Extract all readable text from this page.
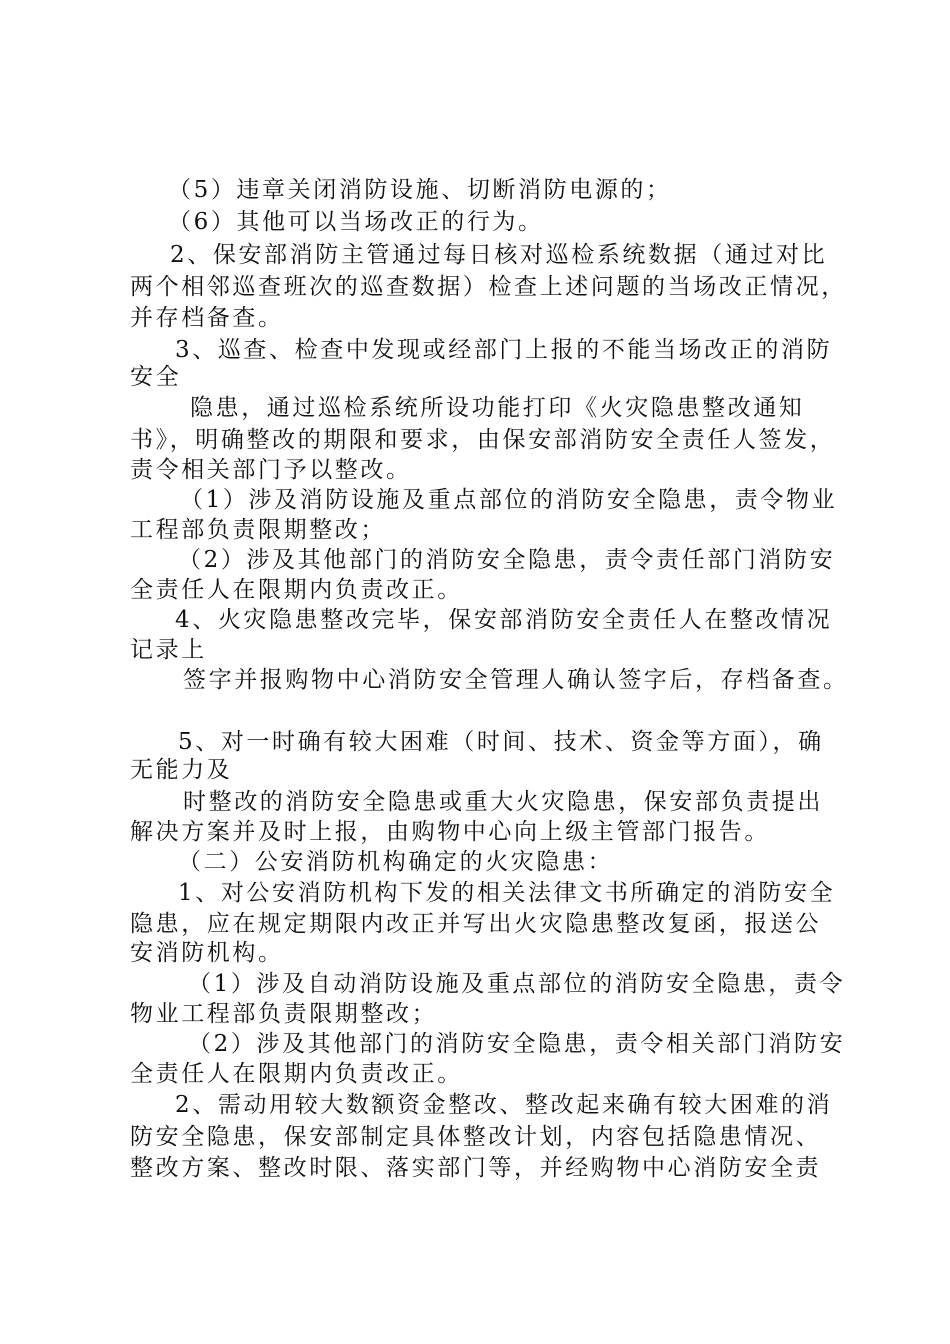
（5）违章关闭消防设施、切断消防电源的；
（6）其他可以当场改正的行为。
2、保安部消防主管通过每日核对巡检系统数据（通过对比
两个相邻巡查班次的巡查数据）检查上述问题的当场改正情况，
并存档备查。
3、巡查、检查中发现或经部门上报的不能当场改正的消防
安全
隐患，通过巡检系统所设功能打印《火灾隐患整改通知
书》，明确整改的期限和要求，由保安部消防安全责任人签发，
责令相关部门予以整改。
（1）涉及消防设施及重点部位的消防安全隐患，责令物业
工程部负责限期整改；
（2）涉及其他部门的消防安全隐患，责令责任部门消防安
全责任人在限期内负责改正。
4、火灾隐患整改完毕，保安部消防安全责任人在整改情况
记录上
签字并报购物中心消防安全管理人确认签字后，存档备查。
5、对一时确有较大困难（时间、技术、资金等方面），确
无能力及
时整改的消防安全隐患或重大火灾隐患，保安部负责提出
解决方案并及时上报，由购物中心向上级主管部门报告。
（二）公安消防机构确定的火灾隐患：
1、对公安消防机构下发的相关法律文书所确定的消防安全
隐患，应在规定期限内改正并写出火灾隐患整改复函，报送公
安消防机构。
（1）涉及自动消防设施及重点部位的消防安全隐患，责令
物业工程部负责限期整改；
（2）涉及其他部门的消防安全隐患，责令相关部门消防安
全责任人在限期内负责改正。
2、需动用较大数额资金整改、整改起来确有较大困难的消
防安全隐患，保安部制定具体整改计划，内容包括隐患情况、
整改方案、整改时限、落实部门等，并经购物中心消防安全责
